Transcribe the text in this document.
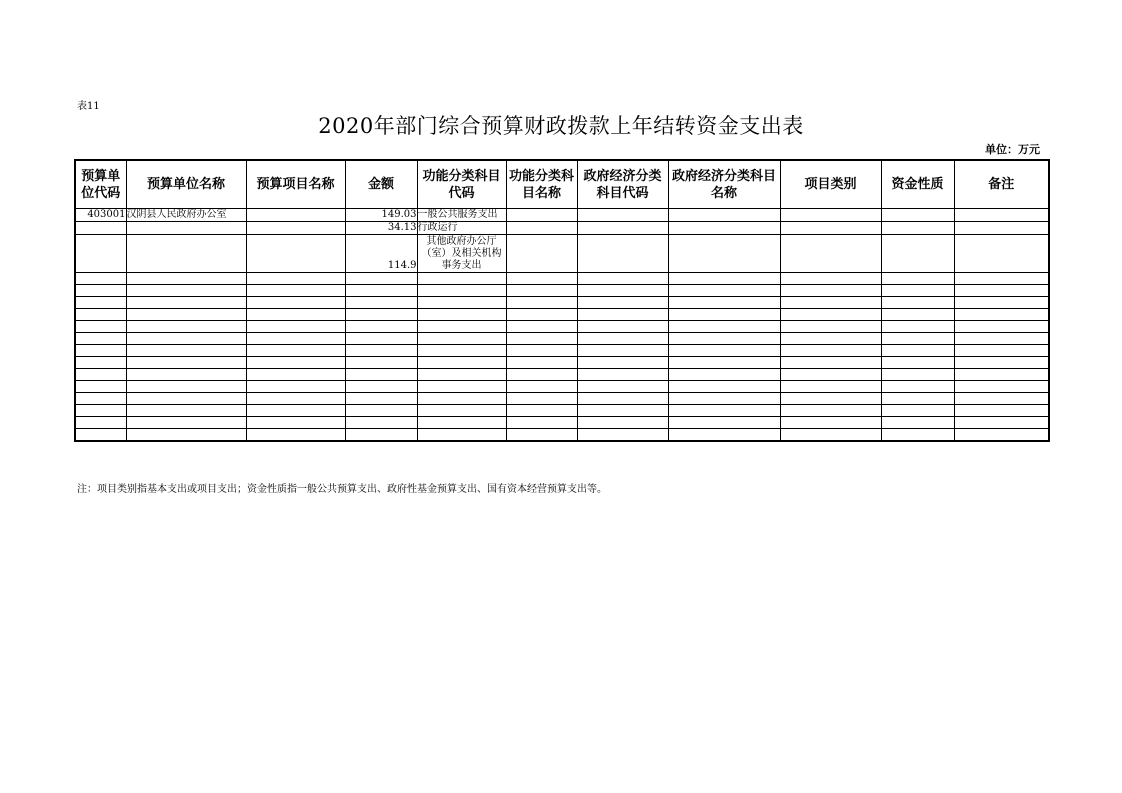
表11
2020年部门综合预算财政拨款上年结转资金支出表
单位：万元
预算单位代码	预算单位名称	预算项目名称	金额	功能分类科目代码	功能分类科目名称	政府经济分类科目代码	政府经济分类科目名称	项目类别	资金性质	备注
403001	汉阴县人民政府办公室		149.03	一般公共服务支出						
			34.13	行政运行						
			114.9	其他政府办公厅（室）及相关机构事务支出						

注：项目类别指基本支出或项目支出；资金性质指一般公共预算支出、政府性基金预算支出、国有资本经营预算支出等。
